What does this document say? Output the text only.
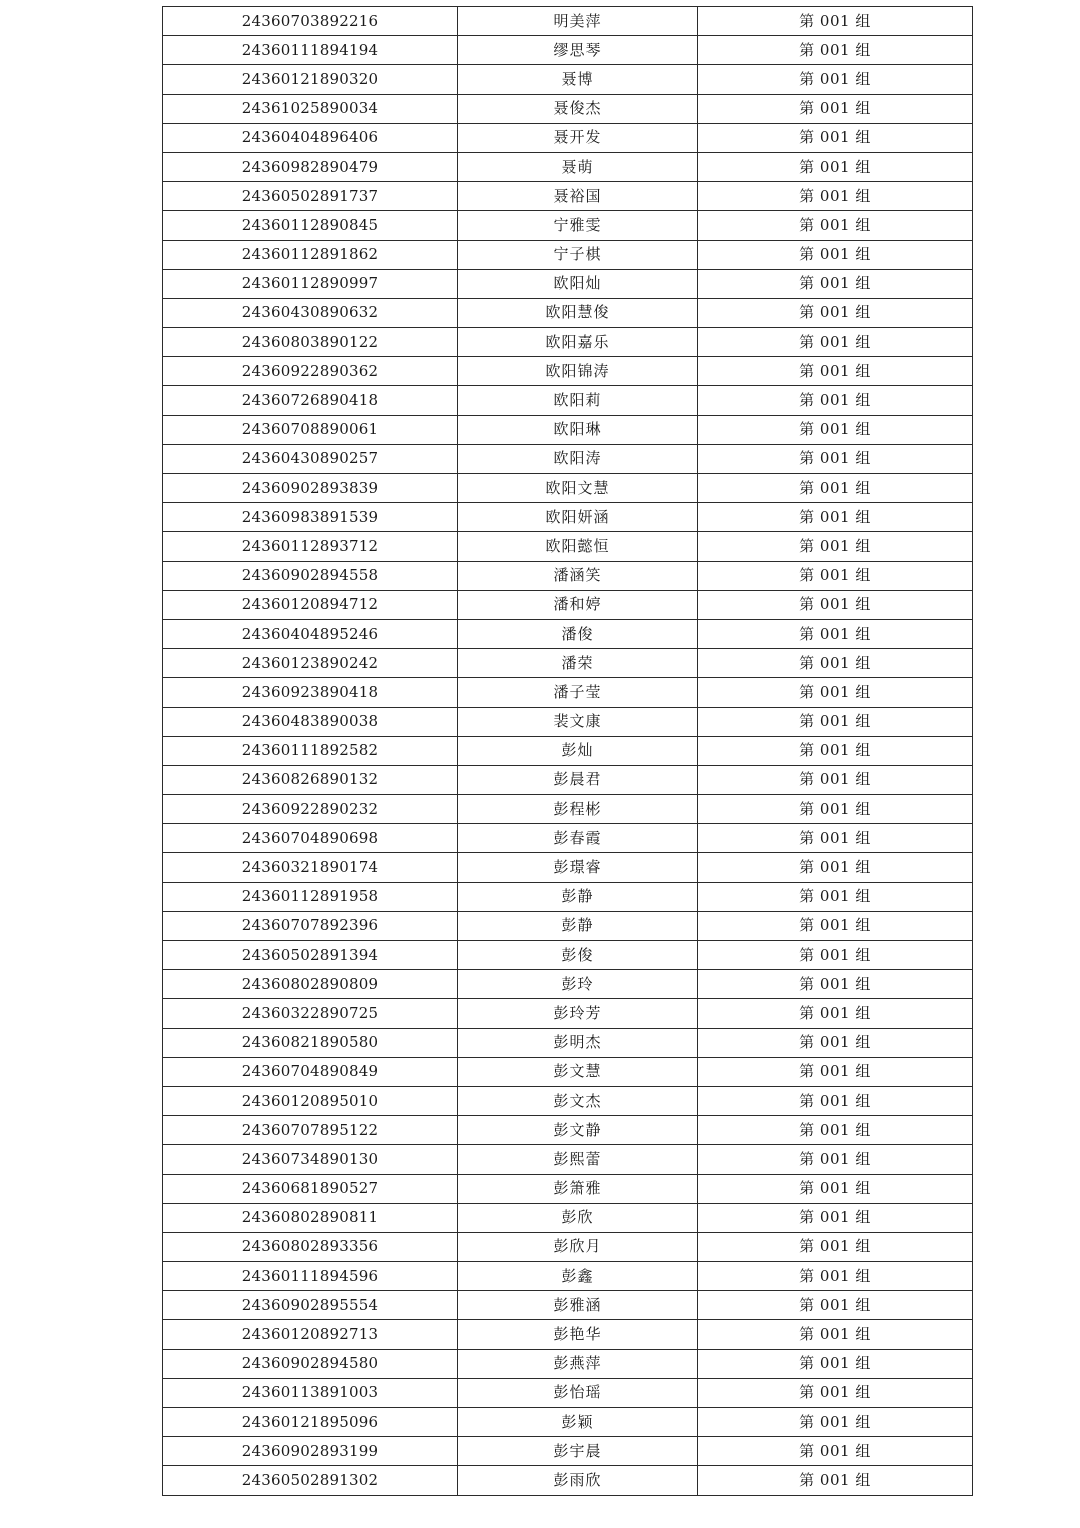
24360703892216	明美萍	第 001 组
24360111894194	缪思琴	第 001 组
24360121890320	聂博	第 001 组
24361025890034	聂俊杰	第 001 组
24360404896406	聂开发	第 001 组
24360982890479	聂萌	第 001 组
24360502891737	聂裕国	第 001 组
24360112890845	宁雅雯	第 001 组
24360112891862	宁子棋	第 001 组
24360112890997	欧阳灿	第 001 组
24360430890632	欧阳慧俊	第 001 组
24360803890122	欧阳嘉乐	第 001 组
24360922890362	欧阳锦涛	第 001 组
24360726890418	欧阳莉	第 001 组
24360708890061	欧阳琳	第 001 组
24360430890257	欧阳涛	第 001 组
24360902893839	欧阳文慧	第 001 组
24360983891539	欧阳妍涵	第 001 组
24360112893712	欧阳懿恒	第 001 组
24360902894558	潘涵笑	第 001 组
24360120894712	潘和婷	第 001 组
24360404895246	潘俊	第 001 组
24360123890242	潘荣	第 001 组
24360923890418	潘子莹	第 001 组
24360483890038	裴文康	第 001 组
24360111892582	彭灿	第 001 组
24360826890132	彭晨君	第 001 组
24360922890232	彭程彬	第 001 组
24360704890698	彭春霞	第 001 组
24360321890174	彭璟睿	第 001 组
24360112891958	彭静	第 001 组
24360707892396	彭静	第 001 组
24360502891394	彭俊	第 001 组
24360802890809	彭玲	第 001 组
24360322890725	彭玲芳	第 001 组
24360821890580	彭明杰	第 001 组
24360704890849	彭文慧	第 001 组
24360120895010	彭文杰	第 001 组
24360707895122	彭文静	第 001 组
24360734890130	彭熙蕾	第 001 组
24360681890527	彭箫雅	第 001 组
24360802890811	彭欣	第 001 组
24360802893356	彭欣月	第 001 组
24360111894596	彭鑫	第 001 组
24360902895554	彭雅涵	第 001 组
24360120892713	彭艳华	第 001 组
24360902894580	彭燕萍	第 001 组
24360113891003	彭怡瑶	第 001 组
24360121895096	彭颖	第 001 组
24360902893199	彭宇晨	第 001 组
24360502891302	彭雨欣	第 001 组
